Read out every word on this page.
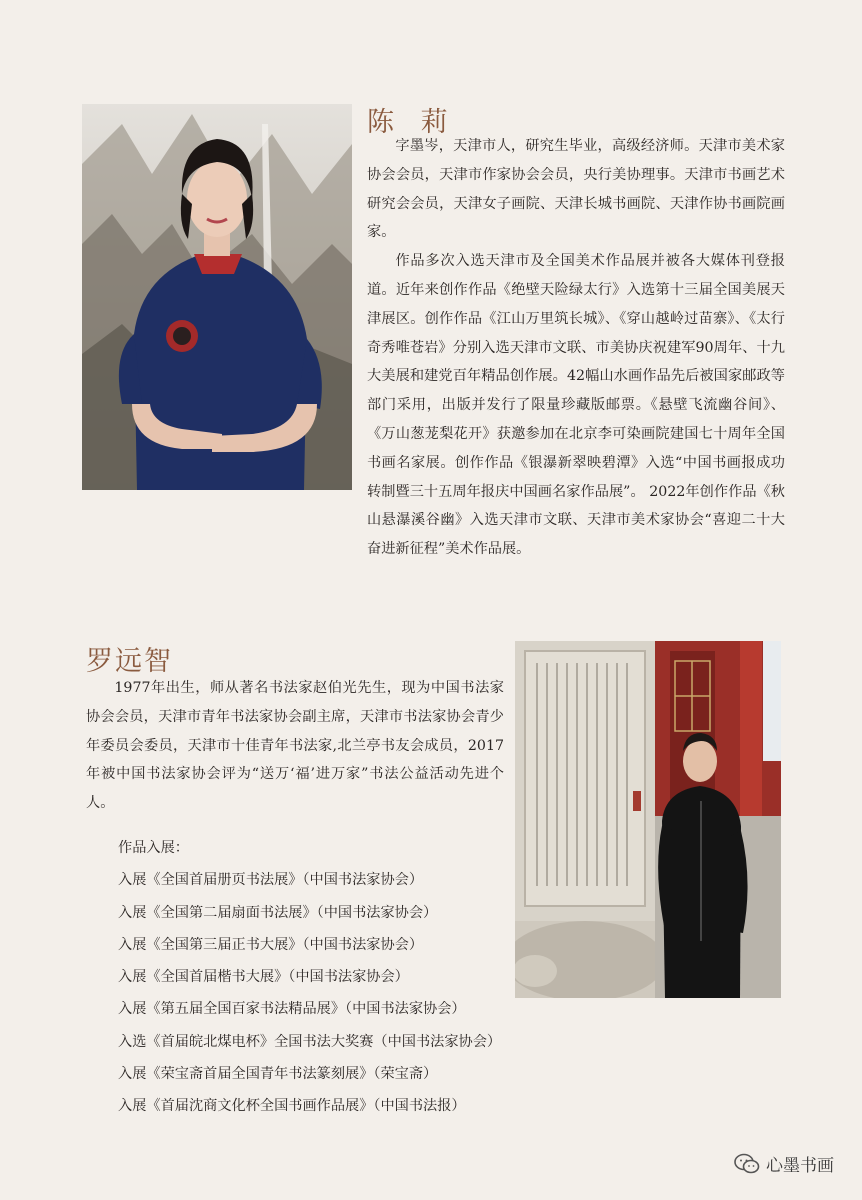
陈 莉

字墨岑，天津市人，研究生毕业，高级经济师。天津市美术家协会会员，天津市作家协会会员，央行美协理事。天津市书画艺术研究会会员，天津女子画院、天津长城书画院、天津作协书画院画家。

作品多次入选天津市及全国美术作品展并被各大媒体刊登报道。近年来创作作品《绝壁天险绿太行》入选第十三届全国美展天津展区。创作作品《江山万里筑长城》、《穿山越岭过苗寨》、《太行奇秀唯苍岩》分别入选天津市文联、市美协庆祝建军90周年、十九大美展和建党百年精品创作展。42幅山水画作品先后被国家邮政等部门采用，出版并发行了限量珍藏版邮票。《悬壁飞流幽谷间》、《万山葱茏梨花开》获邀参加在北京李可染画院建国七十周年全国书画名家展。创作作品《银瀑新翠映碧潭》入选“中国书画报成功转制暨三十五周年报庆中国画名家作品展”。 2022年创作作品《秋山悬瀑溪谷幽》入选天津市文联、天津市美术家协会“喜迎二十大 奋进新征程”美术作品展。

罗远智

1977年出生，师从著名书法家赵伯光先生，现为中国书法家协会会员，天津市青年书法家协会副主席，天津市书法家协会青少年委员会委员，天津市十佳青年书法家,北兰亭书友会成员，2017年被中国书法家协会评为“送万‘福’进万家”书法公益活动先进个人。

作品入展：
入展《全国首届册页书法展》（中国书法家协会）
入展《全国第二届扇面书法展》（中国书法家协会）
入展《全国第三届正书大展》（中国书法家协会）
入展《全国首届楷书大展》（中国书法家协会）
入展《第五届全国百家书法精品展》（中国书法家协会）
入选《首届皖北煤电杯》全国书法大奖赛（中国书法家协会）
入展《荣宝斋首届全国青年书法篆刻展》（荣宝斋）
入展《首届沈商文化杯全国书画作品展》（中国书法报）
心墨书画
